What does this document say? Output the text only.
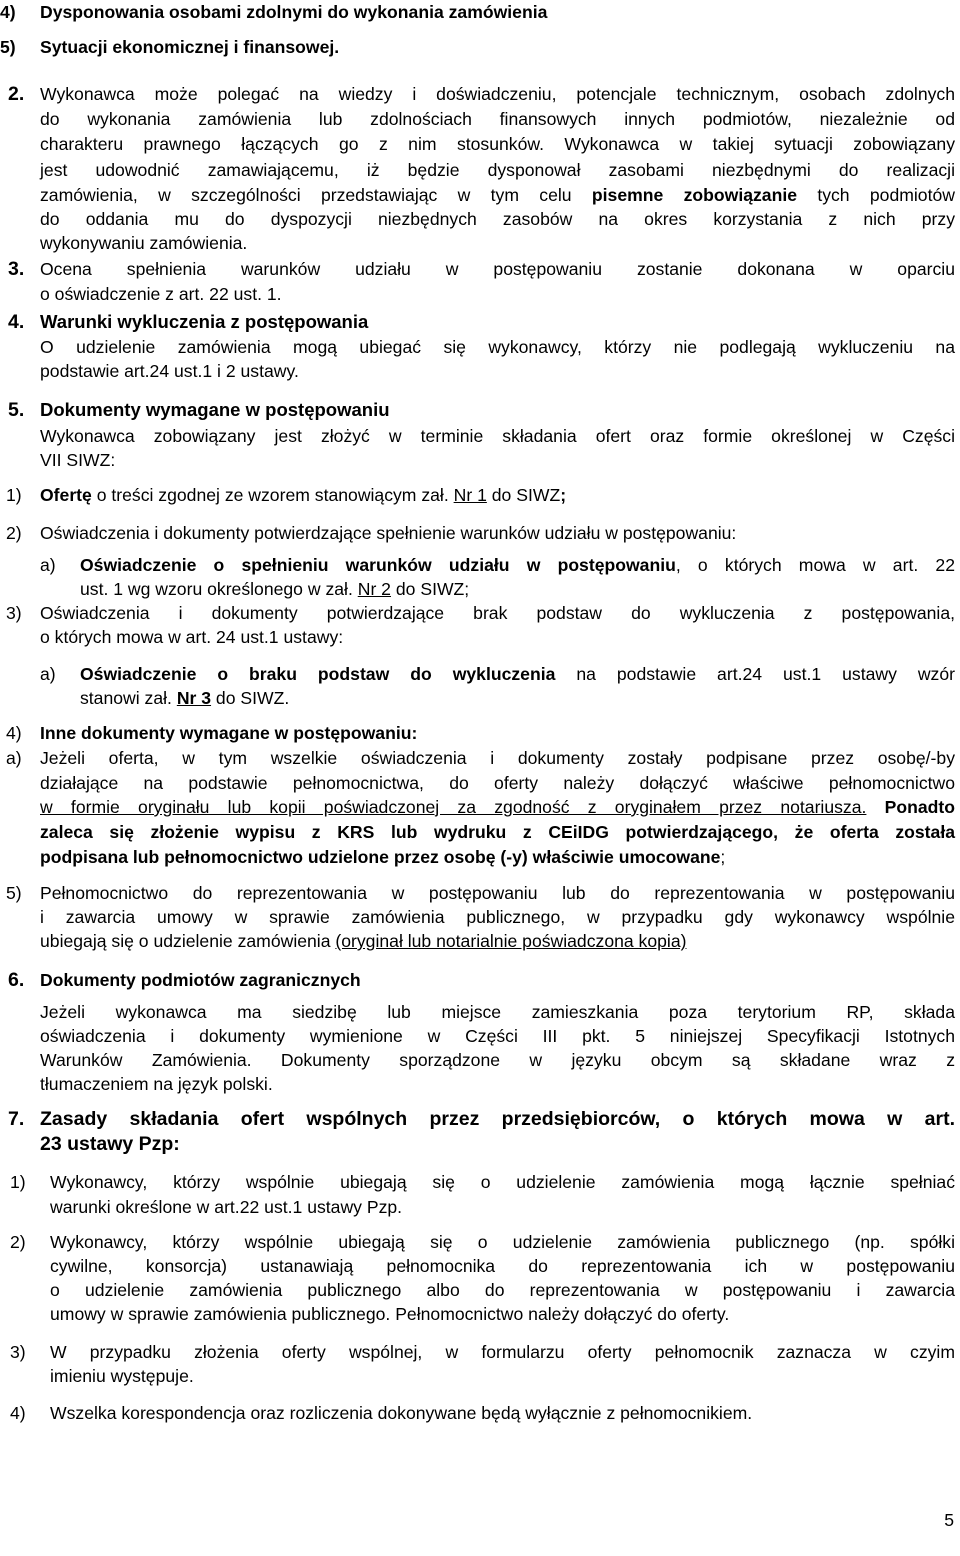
4) Dysponowania osobami zdolnymi do wykonania zamówienia
5) Sytuacji ekonomicznej i finansowej.
2. Wykonawca może polegać na wiedzy i doświadczeniu, potencjale technicznym, osobach zdolnych
do wykonania zamówienia lub zdolnościach finansowych innych podmiotów, niezależnie od
charakteru prawnego łączących go z nim stosunków. Wykonawca w takiej sytuacji zobowiązany
jest udowodnić zamawiającemu, iż będzie dysponował zasobami niezbędnymi do realizacji
zamówienia, w szczególności przedstawiając w tym celu pisemne zobowiązanie tych podmiotów
do oddania mu do dyspozycji niezbędnych zasobów na okres korzystania z nich przy
wykonywaniu zamówienia.
3. Ocena spełnienia warunków udziału w postępowaniu zostanie dokonana w oparciu
o oświadczenie z art. 22 ust. 1.
4. Warunki wykluczenia z postępowania
O udzielenie zamówienia mogą ubiegać się wykonawcy, którzy nie podlegają wykluczeniu na
podstawie art.24 ust.1 i 2 ustawy.
5. Dokumenty wymagane w postępowaniu
Wykonawca zobowiązany jest złożyć w terminie składania ofert oraz formie określonej w Części
VII SIWZ:
1) Ofertę o treści zgodnej ze wzorem stanowiącym zał. Nr 1 do SIWZ;
2) Oświadczenia i dokumenty potwierdzające spełnienie warunków udziału w postępowaniu:
a) Oświadczenie o spełnieniu warunków udziału w postępowaniu, o których mowa w art. 22
ust. 1 wg wzoru określonego w zał. Nr 2 do SIWZ;
3) Oświadczenia i dokumenty potwierdzające brak podstaw do wykluczenia z postępowania,
o których mowa w art. 24 ust.1 ustawy:
a) Oświadczenie o braku podstaw do wykluczenia na podstawie art.24 ust.1 ustawy wzór
stanowi zał. Nr 3 do SIWZ.
4) Inne dokumenty wymagane w postępowaniu:
a) Jeżeli oferta, w tym wszelkie oświadczenia i dokumenty zostały podpisane przez osobę/-by
działające na podstawie pełnomocnictwa, do oferty należy dołączyć właściwe pełnomocnictwo
w formie oryginału lub kopii poświadczonej za zgodność z oryginałem przez notariusza. Ponadto
zaleca się złożenie wypisu z KRS lub wydruku z CEiIDG potwierdzającego, że oferta została
podpisana lub pełnomocnictwo udzielone przez osobę (-y) właściwie umocowane;
5) Pełnomocnictwo do reprezentowania w postępowaniu lub do reprezentowania w postępowaniu
i zawarcia umowy w sprawie zamówienia publicznego, w przypadku gdy wykonawcy wspólnie
ubiegają się o udzielenie zamówienia (oryginał lub notarialnie poświadczona kopia)
6. Dokumenty podmiotów zagranicznych
Jeżeli wykonawca ma siedzibę lub miejsce zamieszkania poza terytorium RP, składa
oświadczenia i dokumenty wymienione w Części III pkt. 5 niniejszej Specyfikacji Istotnych
Warunków Zamówienia. Dokumenty sporządzone w języku obcym są składane wraz z
tłumaczeniem na język polski.
7. Zasady składania ofert wspólnych przez przedsiębiorców, o których mowa w art.
23 ustawy Pzp:
1) Wykonawcy, którzy wspólnie ubiegają się o udzielenie zamówienia mogą łącznie spełniać
warunki określone w art.22 ust.1 ustawy Pzp.
2) Wykonawcy, którzy wspólnie ubiegają się o udzielenie zamówienia publicznego (np. spółki
cywilne, konsorcja) ustanawiają pełnomocnika do reprezentowania ich w postępowaniu
o udzielenie zamówienia publicznego albo do reprezentowania w postępowaniu i zawarcia
umowy w sprawie zamówienia publicznego. Pełnomocnictwo należy dołączyć do oferty.
3) W przypadku złożenia oferty wspólnej, w formularzu oferty pełnomocnik zaznacza w czyim
imieniu występuje.
4) Wszelka korespondencja oraz rozliczenia dokonywane będą wyłącznie z pełnomocnikiem.
5
